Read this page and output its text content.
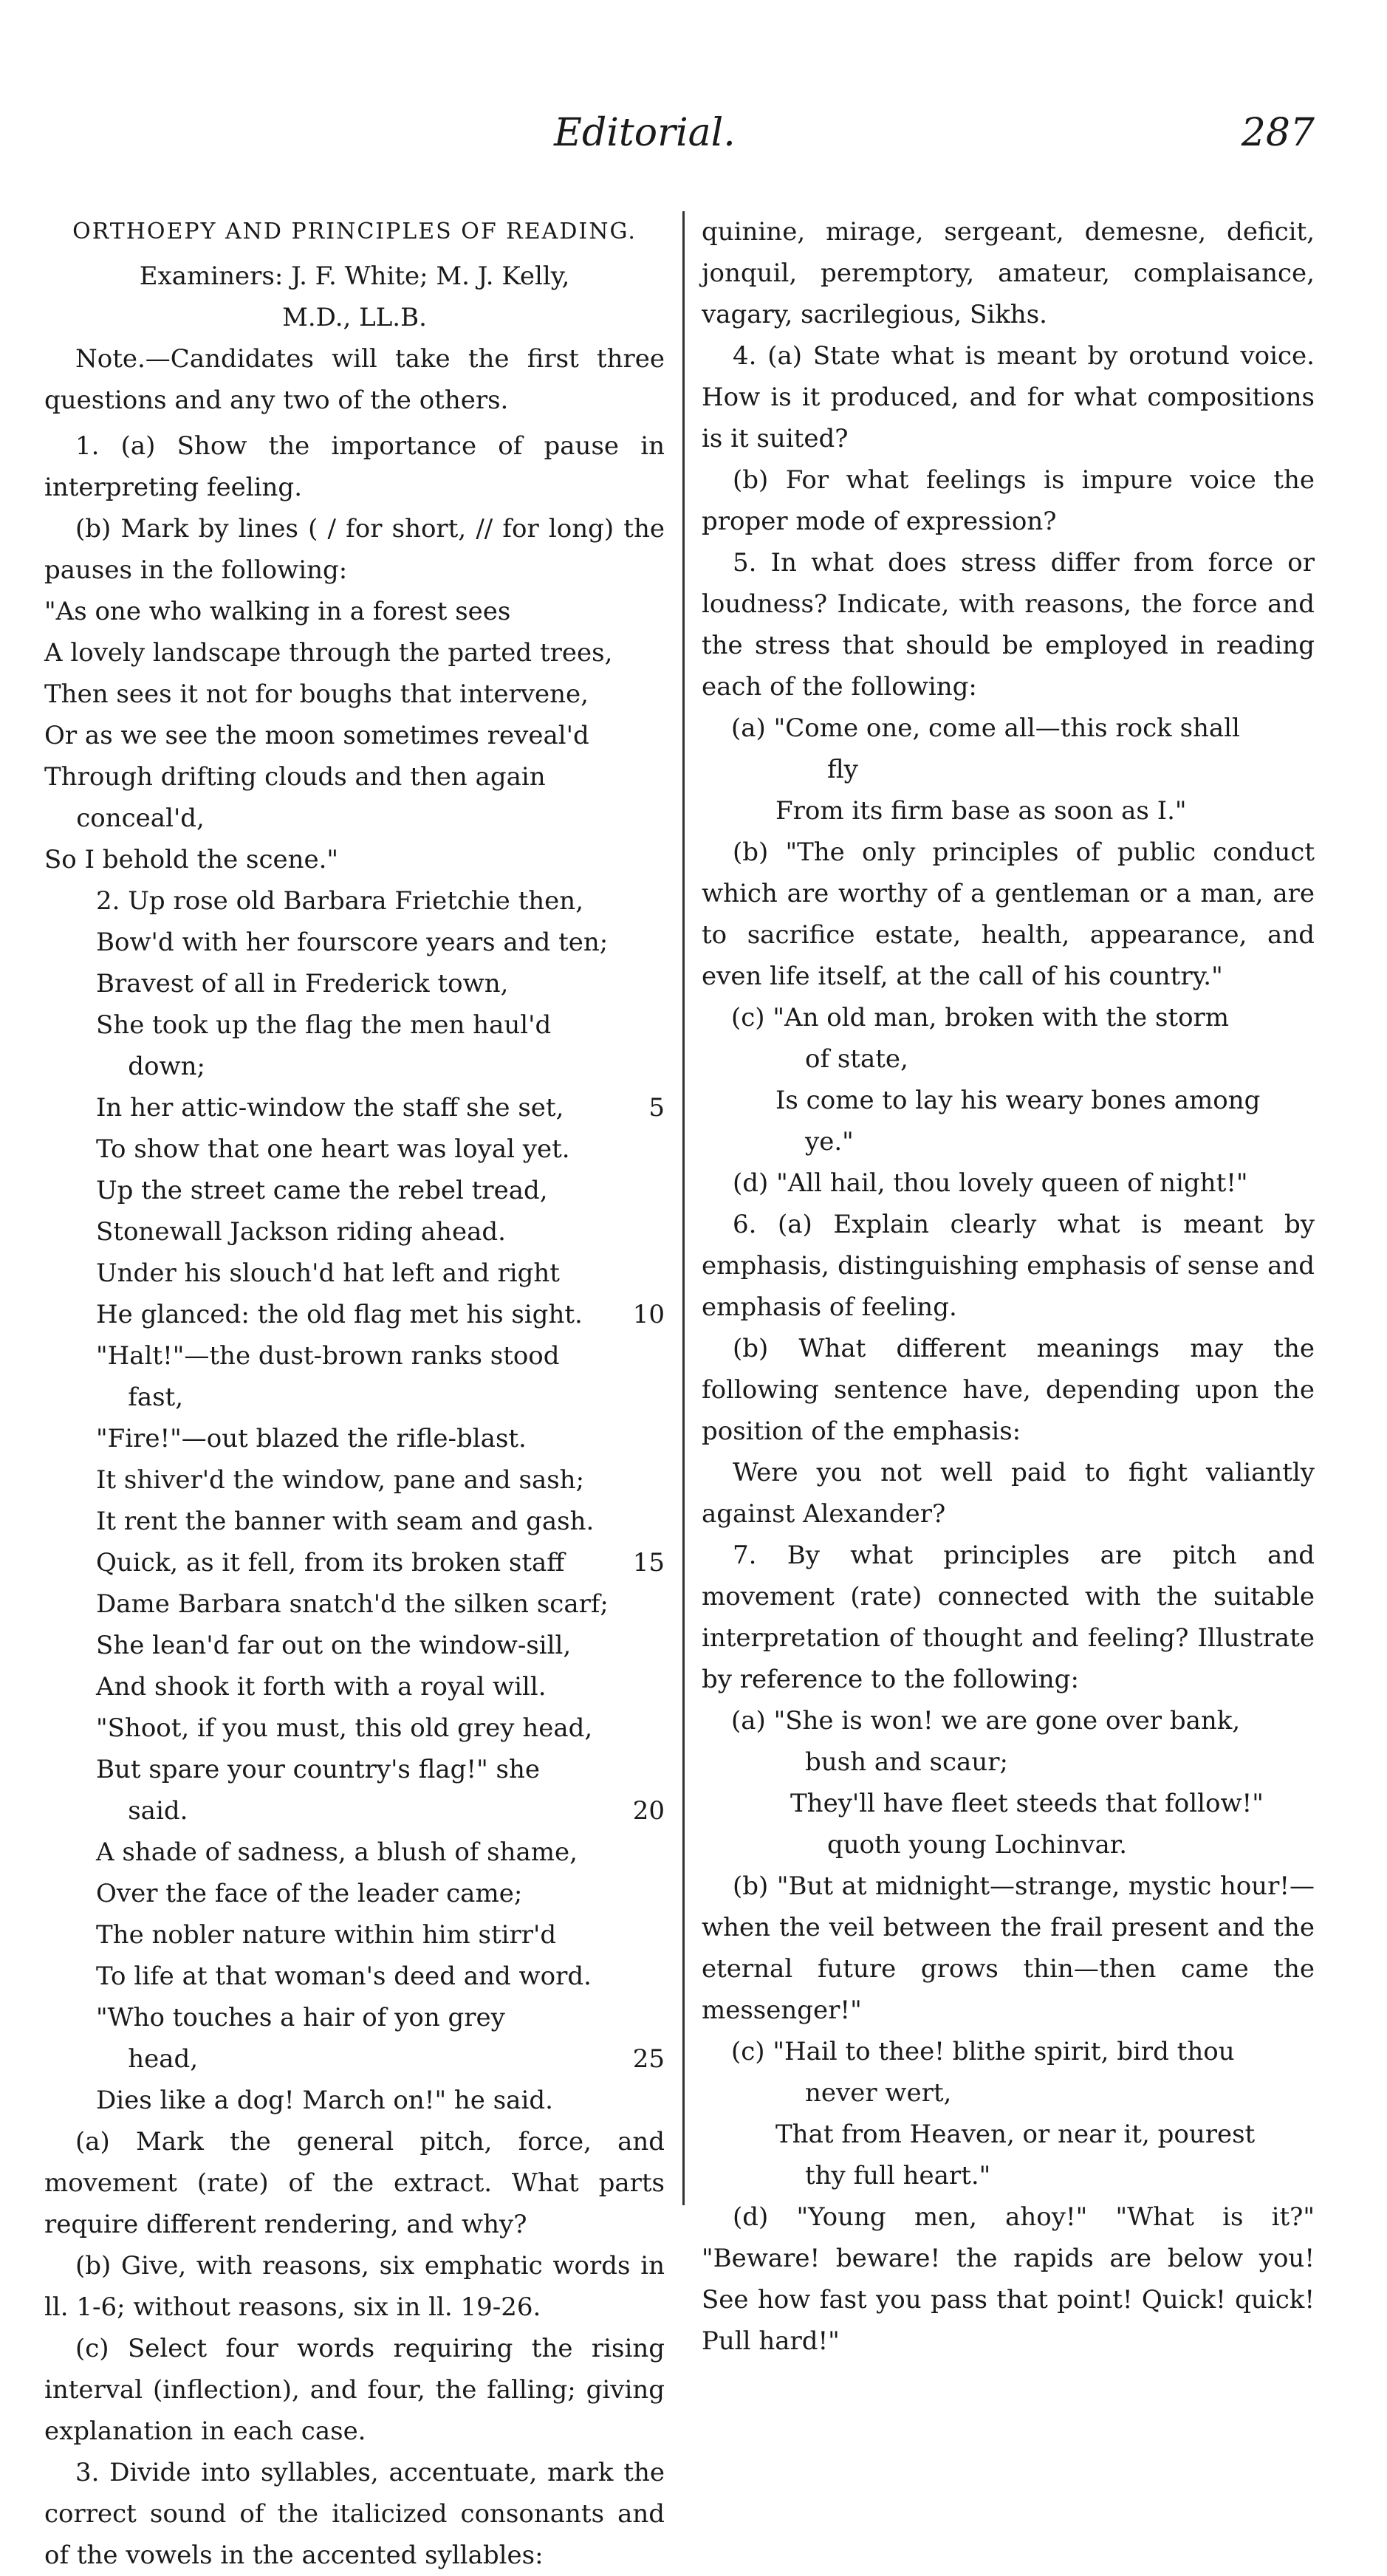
Editorial.	287

ORTHOEPY AND PRINCIPLES OF READING.

Examiners: J. F. White; M. J. Kelly,

M.D., LL.B.

Note.—Candidates will take the first three questions and any two of the others.

1. (a) Show the importance of pause in interpreting feeling.

(b) Mark by lines ( / for short, // for long) the pauses in the following:

"As one who walking in a forest sees
A lovely landscape through the parted trees,
Then sees it not for boughs that intervene,
Or as we see the moon sometimes reveal'd
Through drifting clouds and then again
conceal'd,
So I behold the scene."
2. Up rose old Barbara Frietchie then,
Bow'd with her fourscore years and ten;
Bravest of all in Frederick town,
She took up the flag the men haul'd
down;
In her attic-window the staff she set,	5
To show that one heart was loyal yet.
Up the street came the rebel tread,
Stonewall Jackson riding ahead.
Under his slouch'd hat left and right
He glanced: the old flag met his sight. 10
"Halt!"—the dust-brown ranks stood
fast,
"Fire!"—out blazed the rifle-blast.
It shiver'd the window, pane and sash;
It rent the banner with seam and gash.
Quick, as it fell, from its broken staff	15
Dame Barbara snatch'd the silken scarf;
She lean'd far out on the window-sill,
And shook it forth with a royal will.
"Shoot, if you must, this old grey head,
But spare your country's flag!" she
said.	20
A shade of sadness, a blush of shame,
Over the face of the leader came;
The nobler nature within him stirr'd
To life at that woman's deed and word.
"Who touches a hair of yon grey
head,	25
Dies like a dog! March on!" he said.

(a) Mark the general pitch, force, and movement (rate) of the extract. What parts require different rendering, and why?

(b) Give, with reasons, six emphatic words in ll. 1-6; without reasons, six in ll. 19-26.

(c) Select four words requiring the rising interval (inflection), and four, the falling; giving explanation in each case.

3. Divide into syllables, accentuate, mark the correct sound of the italicized consonants and of the vowels in the accented syllables:

quinine, mirage, sergeant, demesne, deficit, jonquil, peremptory, amateur, complaisance, vagary, sacrilegious, Sikhs.

4. (a) State what is meant by orotund voice. How is it produced, and for what compositions is it suited?

(b) For what feelings is impure voice the proper mode of expression?

5. In what does stress differ from force or loudness? Indicate, with reasons, the force and the stress that should be employed in reading each of the following:

(a) "Come one, come all—this rock shall
fly
From its firm base as soon as I."

(b) "The only principles of public conduct which are worthy of a gentleman or a man, are to sacrifice estate, health, appearance, and even life itself, at the call of his country."

(c) "An old man, broken with the storm
of state,
Is come to lay his weary bones among
ye."

(d) "All hail, thou lovely queen of night!"

6. (a) Explain clearly what is meant by emphasis, distinguishing emphasis of sense and emphasis of feeling.

(b) What different meanings may the following sentence have, depending upon the position of the emphasis:

Were you not well paid to fight valiantly against Alexander?

7. By what principles are pitch and movement (rate) connected with the suitable interpretation of thought and feeling? Illustrate by reference to the following:

(a) "She is won! we are gone over bank,
bush and scaur;
They'll have fleet steeds that follow!"
quoth young Lochinvar.

(b) "But at midnight—strange, mystic hour!—when the veil between the frail present and the eternal future grows thin—then came the messenger!"

(c) "Hail to thee! blithe spirit, bird thou
never wert,
That from Heaven, or near it, pourest
thy full heart."

(d) "Young men, ahoy!" "What is it?" "Beware! beware! the rapids are below you! See how fast you pass that point! Quick! quick! Pull hard!"
